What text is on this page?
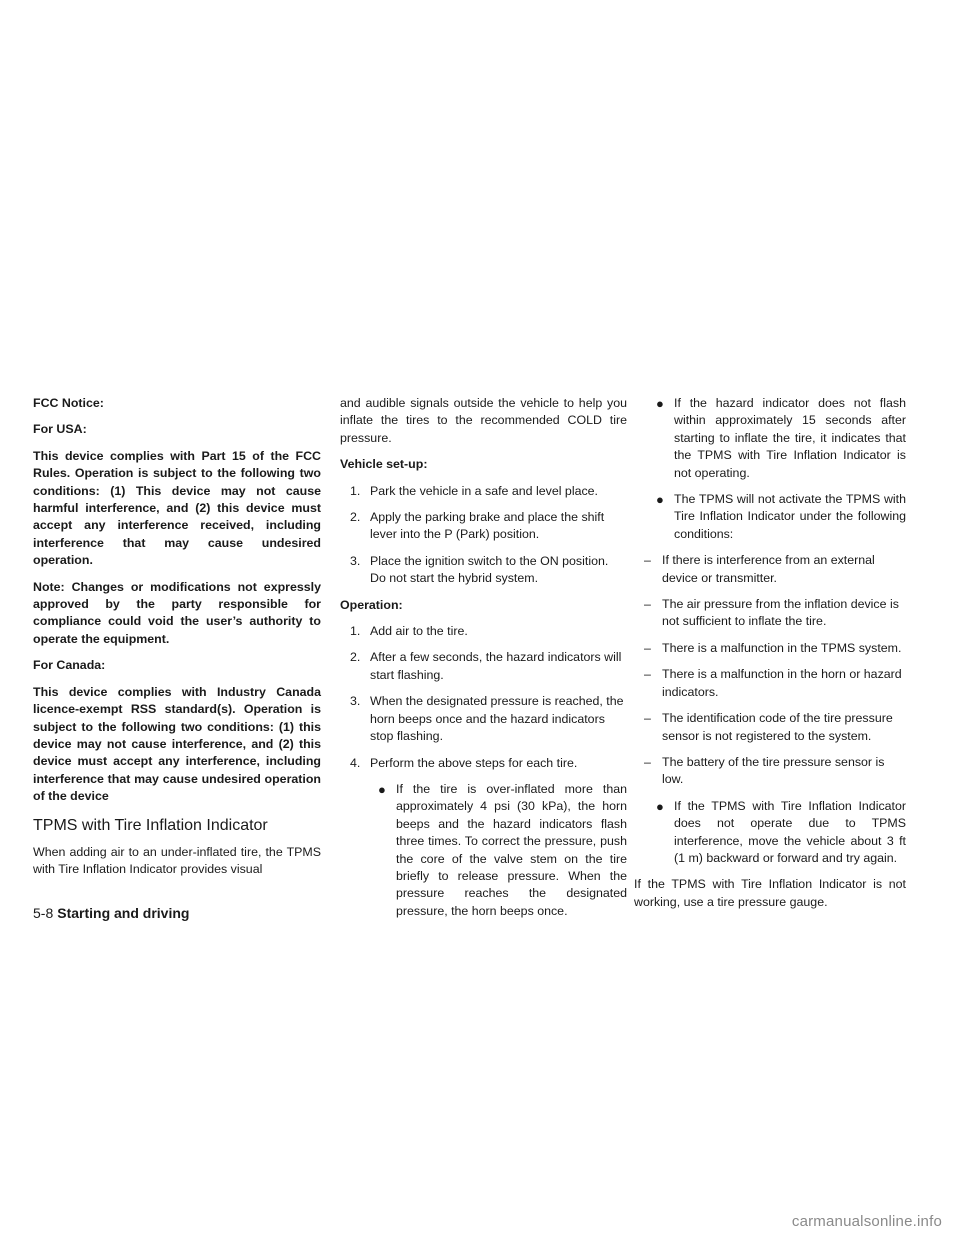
FCC Notice:

For USA:

This device complies with Part 15 of the FCC Rules. Operation is subject to the following two conditions: (1) This device may not cause harmful interference, and (2) this device must accept any interference received, including interference that may cause undesired operation.

Note: Changes or modifications not expressly approved by the party responsible for compliance could void the user’s authority to operate the equipment.

For Canada:

This device complies with Industry Canada licence-exempt RSS standard(s). Operation is subject to the following two conditions: (1) this device may not cause interference, and (2) this device must accept any interference, including interference that may cause undesired operation of the device

TPMS with Tire Inflation Indicator

When adding air to an under-inflated tire, the TPMS with Tire Inflation Indicator provides visual

and audible signals outside the vehicle to help you inflate the tires to the recommended COLD tire pressure.

Vehicle set-up:

1. Park the vehicle in a safe and level place.
2. Apply the parking brake and place the shift lever into the P (Park) position.
3. Place the ignition switch to the ON position. Do not start the hybrid system.

Operation:

1. Add air to the tire.
2. After a few seconds, the hazard indicators will start flashing.
3. When the designated pressure is reached, the horn beeps once and the hazard indicators stop flashing.
4. Perform the above steps for each tire.
● If the tire is over-inflated more than approximately 4 psi (30 kPa), the horn beeps and the hazard indicators flash three times. To correct the pressure, push the core of the valve stem on the tire briefly to release pressure. When the pressure reaches the designated pressure, the horn beeps once.
● If the hazard indicator does not flash within approximately 15 seconds after starting to inflate the tire, it indicates that the TPMS with Tire Inflation Indicator is not operating.
● The TPMS will not activate the TPMS with Tire Inflation Indicator under the following conditions:
– If there is interference from an external device or transmitter.
– The air pressure from the inflation device is not sufficient to inflate the tire.
– There is a malfunction in the TPMS system.
– There is a malfunction in the horn or hazard indicators.
– The identification code of the tire pressure sensor is not registered to the system.
– The battery of the tire pressure sensor is low.
● If the TPMS with Tire Inflation Indicator does not operate due to TPMS interference, move the vehicle about 3 ft (1 m) backward or forward and try again.

If the TPMS with Tire Inflation Indicator is not working, use a tire pressure gauge.

5-8 Starting and driving
carmanualsonline.info
